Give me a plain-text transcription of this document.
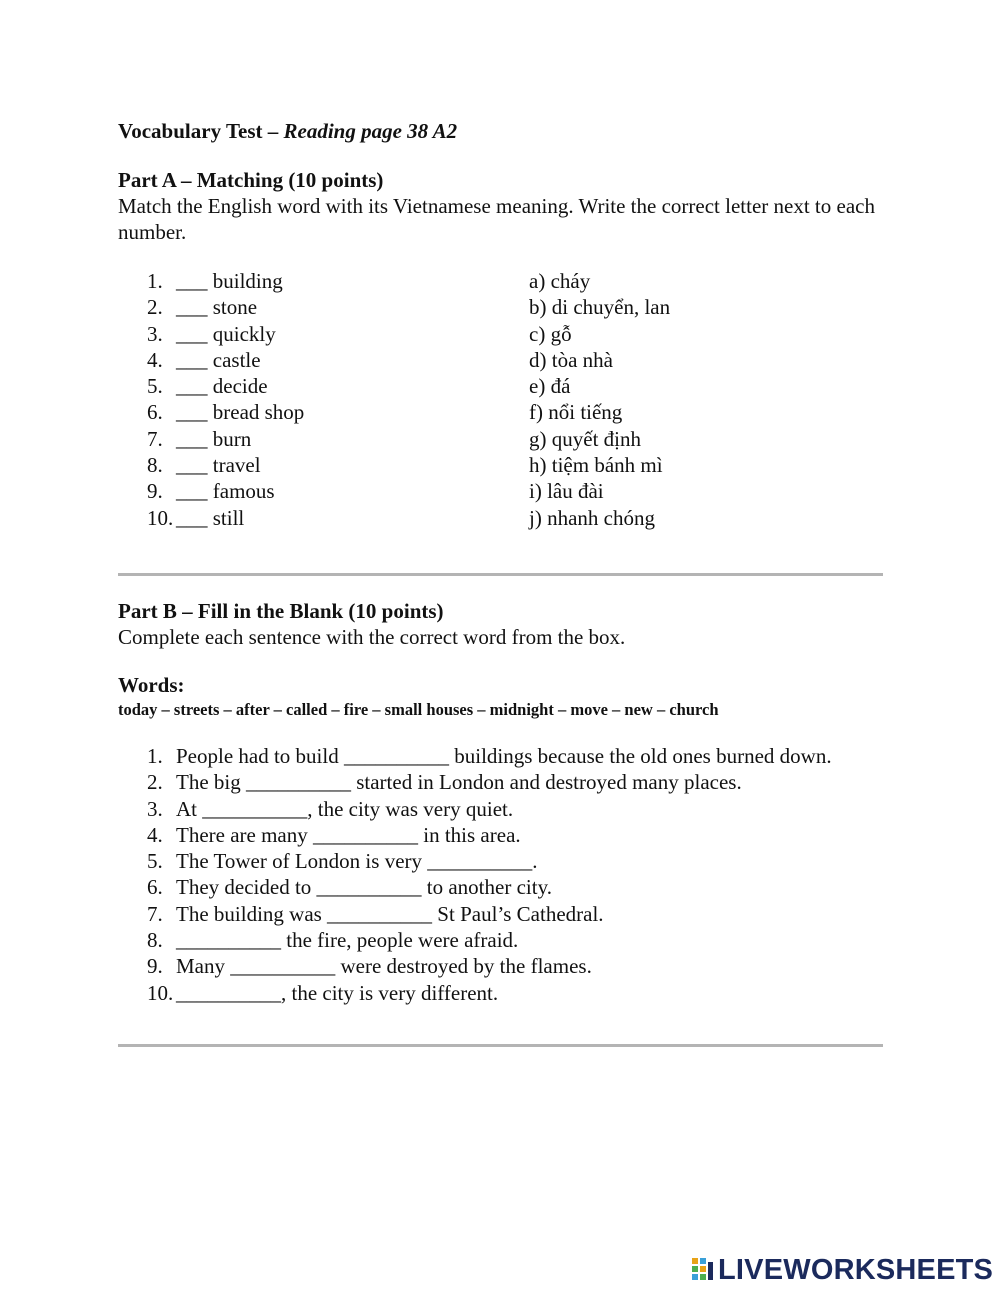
Vocabulary Test – Reading page 38 A2

Part A – Matching (10 points)

Match the English word with its Vietnamese meaning. Write the correct letter next to each number.

1. ___ building
2. ___ stone
3. ___ quickly
4. ___ castle
5. ___ decide
6. ___ bread shop
7. ___ burn
8. ___ travel
9. ___ famous
10. ___ still
a) cháy
b) di chuyển, lan
c) gỗ
d) tòa nhà
e) đá
f) nổi tiếng
g) quyết định
h) tiệm bánh mì
i) lâu đài
j) nhanh chóng

Part B – Fill in the Blank (10 points)

Complete each sentence with the correct word from the box.

Words:

today – streets – after – called – fire – small houses – midnight – move – new – church

1. People had to build __________ buildings because the old ones burned down.
2. The big __________ started in London and destroyed many places.
3. At __________, the city was very quiet.
4. There are many __________ in this area.
5. The Tower of London is very __________.
6. They decided to __________ to another city.
7. The building was __________ St Paul’s Cathedral.
8. __________ the fire, people were afraid.
9. Many __________ were destroyed by the flames.
10. __________, the city is very different.
LIVEWORKSHEETS
